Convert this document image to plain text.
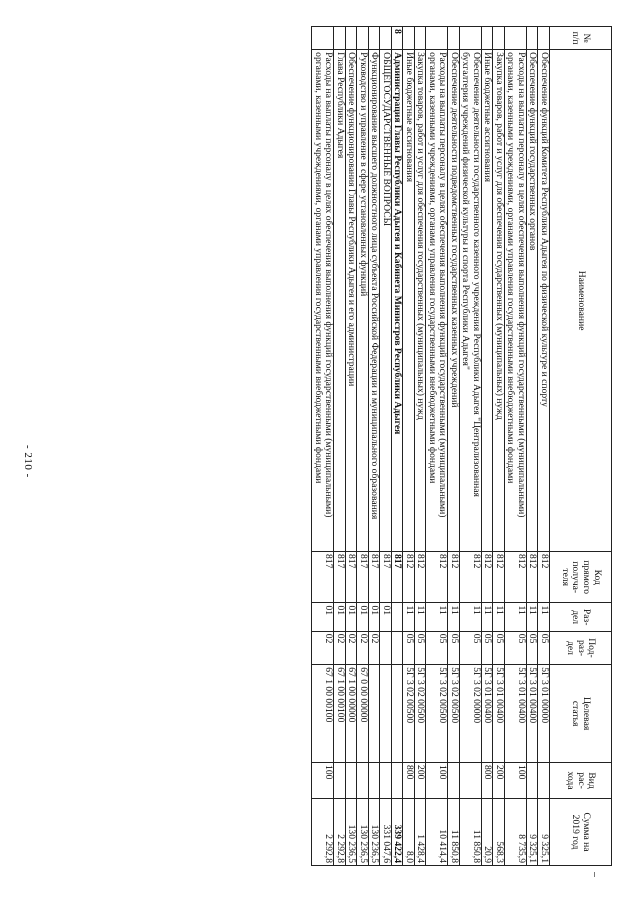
- 210 -
№
п/п	Наименование	Код
прямого
получа-
теля	Раз-
дел	Под-
раз-
дел	Целевая
статья	Вид
рас-
хода	Сумма на
2019 год

	Обеспечение функций Комитета Республики Адыгея по физической культуре и спорту	812	11	05	5Г 3 01 00000		9 325,1
	Обеспечение функций государственных органов	812	11	05	5Г 3 01 00400		9 325,1
	Расходы на выплаты персоналу в целях обеспечения выполнения функций государственными (муниципальными) органами, казенными учреждениями, органами управления государственными внебюджетными фондами	812	11	05	5Г 3 01 00400	100	8 735,9
	Закупка товаров, работ и услуг для обеспечения государственных (муниципальных) нужд	812	11	05	5Г 3 01 00400	200	568,3
	Иные бюджетные ассигнования	812	11	05	5Г 3 01 00400	800	20,9
	Обеспечение деятельности государственного казенного учреждения Республики Адыгея "Централизованная бухгалтерия учреждений физической культуры и спорта Республики Адыгея"	812	11	05	5Г 3 02 00000		11 850,8
	Обеспечение деятельности подведомственных государственных казенных учреждений	812	11	05	5Г 3 02 00500		11 850,8
	Расходы на выплаты персоналу в целях обеспечения выполнения функций государственными (муниципальными) органами, казенными учреждениями, органами управления государственными внебюджетными фондами	812	11	05	5Г 3 02 00500	100	10 414,4
	Закупка товаров, работ и услуг для обеспечения государственных (муниципальных) нужд	812	11	05	5Г 3 02 00500	200	1 428,4
	Иные бюджетные ассигнования	812	11	05	5Г 3 02 00500	800	8,0
8	Администрация Главы Республики Адыгея и Кабинета Министров Республики Адыгея	817					339 422,4
	ОБЩЕГОСУДАРСТВЕННЫЕ ВОПРОСЫ	817	01				331 047,6
	Функционирование высшего должностного лица субъекта Российской Федерации и муниципального образования	817	01	02			130 236,5
	Руководство и управление в сфере установленных функций	817	01	02	67 0 00 00000		130 236,5
	Обеспечение функционирования Главы Республики Адыгея и его администрации	817	01	02	67 1 00 00000		130 236,5
	Глава Республики Адыгея	817	01	02	67 1 00 00100		2 292,8
	Расходы на выплаты персоналу в целях обеспечения выполнения функций государственными (муниципальными) органами, казенными учреждениями, органами управления государственными внебюджетными фондами	817	01	02	67 1 00 00100	100	2 292,8
